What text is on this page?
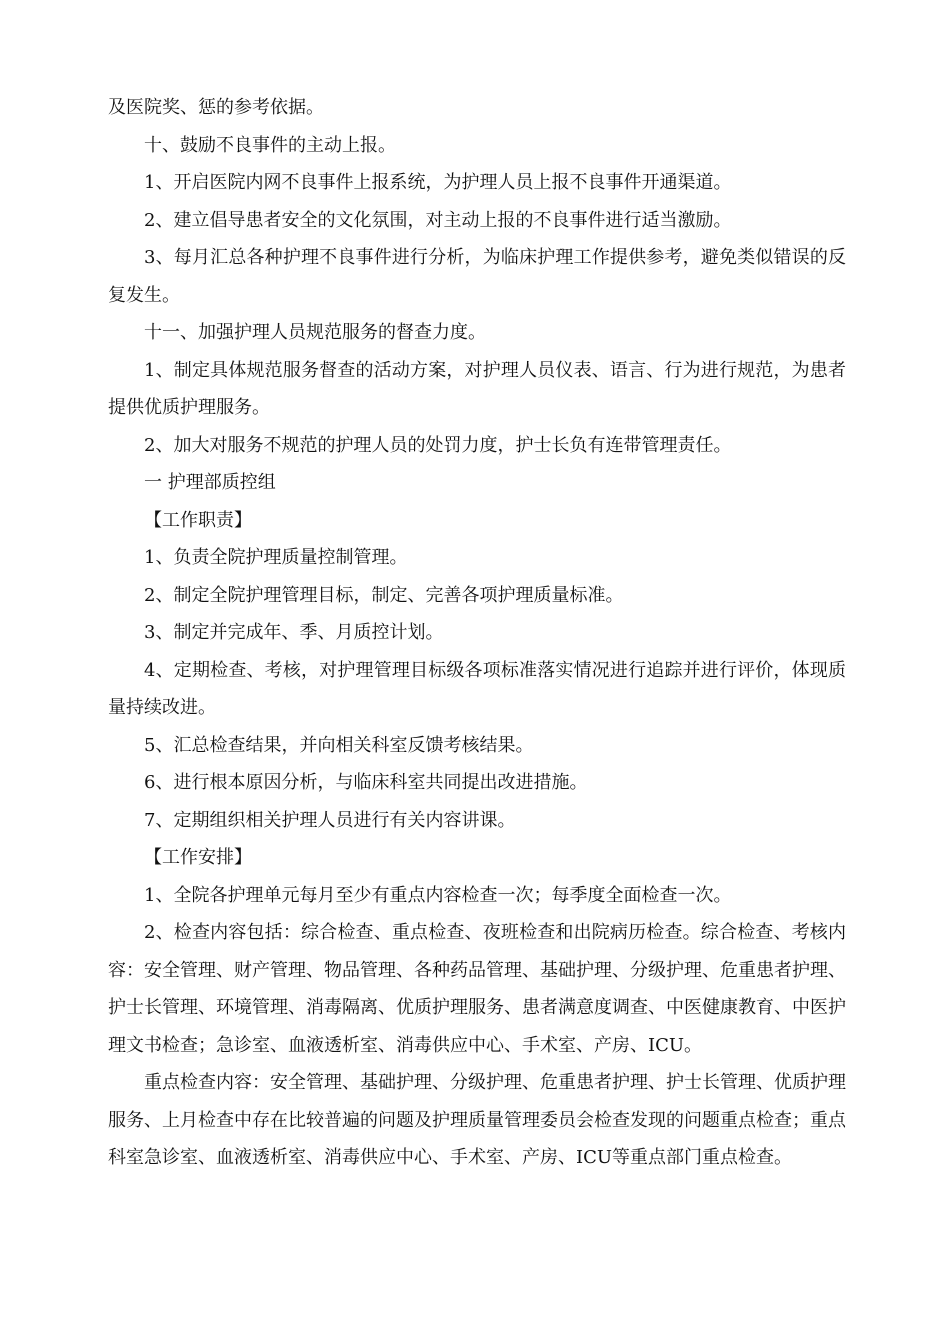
及医院奖、惩的参考依据。

十、鼓励不良事件的主动上报。

1、开启医院内网不良事件上报系统，为护理人员上报不良事件开通渠道。

2、建立倡导患者安全的文化氛围，对主动上报的不良事件进行适当激励。

3、每月汇总各种护理不良事件进行分析，为临床护理工作提供参考，避免类似错误的反复发生。

十一、加强护理人员规范服务的督查力度。

1、制定具体规范服务督查的活动方案，对护理人员仪表、语言、行为进行规范，为患者提供优质护理服务。

2、加大对服务不规范的护理人员的处罚力度，护士长负有连带管理责任。

一 护理部质控组

【工作职责】

1、负责全院护理质量控制管理。

2、制定全院护理管理目标，制定、完善各项护理质量标准。

3、制定并完成年、季、月质控计划。

4、定期检查、考核，对护理管理目标级各项标准落实情况进行追踪并进行评价，体现质量持续改进。

5、汇总检查结果，并向相关科室反馈考核结果。

6、进行根本原因分析，与临床科室共同提出改进措施。

7、定期组织相关护理人员进行有关内容讲课。

【工作安排】

1、全院各护理单元每月至少有重点内容检查一次；每季度全面检查一次。

2、检查内容包括：综合检查、重点检查、夜班检查和出院病历检查。综合检查、考核内容：安全管理、财产管理、物品管理、各种药品管理、基础护理、分级护理、危重患者护理、护士长管理、环境管理、消毒隔离、优质护理服务、患者满意度调查、中医健康教育、中医护理文书检查；急诊室、血液透析室、消毒供应中心、手术室、产房、ICU。

重点检查内容：安全管理、基础护理、分级护理、危重患者护理、护士长管理、优质护理服务、上月检查中存在比较普遍的问题及护理质量管理委员会检查发现的问题重点检查；重点科室急诊室、血液透析室、消毒供应中心、手术室、产房、ICU等重点部门重点检查。
